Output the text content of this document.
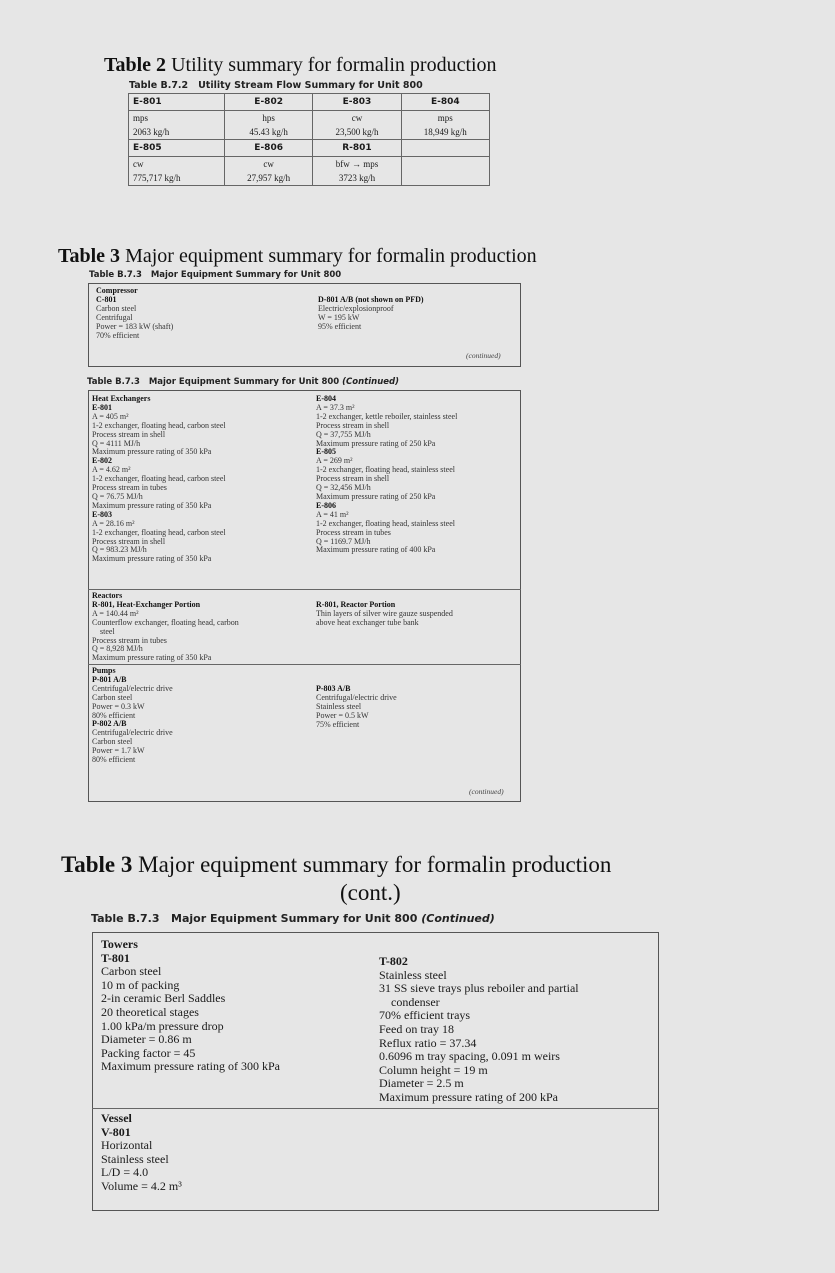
Table 2 Utility summary for formalin production
Table B.7.2 Utility Stream Flow Summary for Unit 800
E-801	E-802	E-803	E-804
mps	hps	cw	mps
2063 kg/h	45.43 kg/h	23,500 kg/h	18,949 kg/h
E-805	E-806	R-801	
cw	cw	bfw → mps	
775,717 kg/h	27,957 kg/h	3723 kg/h	
Table 3 Major equipment summary for formalin production
Table B.7.3 Major Equipment Summary for Unit 800
Compressor
C-801
Carbon steel
Centrifugal
Power = 183 kW (shaft)
70% efficient
D-801 A/B (not shown on PFD)
Electric/explosionproof
W = 195 kW
95% efficient
(continued)
Table B.7.3 Major Equipment Summary for Unit 800 (Continued)
Heat Exchangers
E-801
A = 405 m²
1-2 exchanger, floating head, carbon steel
Process stream in shell
Q = 4111 MJ/h
Maximum pressure rating of 350 kPa
E-802
A = 4.62 m²
1-2 exchanger, floating head, carbon steel
Process stream in tubes
Q = 76.75 MJ/h
Maximum pressure rating of 350 kPa
E-803
A = 28.16 m²
1-2 exchanger, floating head, carbon steel
Process stream in shell
Q = 983.23 MJ/h
Maximum pressure rating of 350 kPa
E-804
A = 37.3 m²
1-2 exchanger, kettle reboiler, stainless steel
Process stream in shell
Q = 37,755 MJ/h
Maximum pressure rating of 250 kPa
E-805
A = 269 m²
1-2 exchanger, floating head, stainless steel
Process stream in shell
Q = 32,456 MJ/h
Maximum pressure rating of 250 kPa
E-806
A = 41 m²
1-2 exchanger, floating head, stainless steel
Process stream in tubes
Q = 1169.7 MJ/h
Maximum pressure rating of 400 kPa
Reactors
R-801, Heat-Exchanger Portion
A = 140.44 m²
Counterflow exchanger, floating head, carbon
steel
Process stream in tubes
Q = 8,928 MJ/h
Maximum pressure rating of 350 kPa
R-801, Reactor Portion
Thin layers of silver wire gauze suspended
above heat exchanger tube bank
Pumps
P-801 A/B
Centrifugal/electric drive
Carbon steel
Power = 0.3 kW
80% efficient
P-802 A/B
Centrifugal/electric drive
Carbon steel
Power = 1.7 kW
80% efficient
P-803 A/B
Centrifugal/electric drive
Stainless steel
Power = 0.5 kW
75% efficient
(continued)
Table 3 Major equipment summary for formalin production
(cont.)
Table B.7.3 Major Equipment Summary for Unit 800 (Continued)
Towers
T-801
Carbon steel
10 m of packing
2-in ceramic Berl Saddles
20 theoretical stages
1.00 kPa/m pressure drop
Diameter = 0.86 m
Packing factor = 45
Maximum pressure rating of 300 kPa
T-802
Stainless steel
31 SS sieve trays plus reboiler and partial
condenser
70% efficient trays
Feed on tray 18
Reflux ratio = 37.34
0.6096 m tray spacing, 0.091 m weirs
Column height = 19 m
Diameter = 2.5 m
Maximum pressure rating of 200 kPa
Vessel
V-801
Horizontal
Stainless steel
L/D = 4.0
Volume = 4.2 m³
